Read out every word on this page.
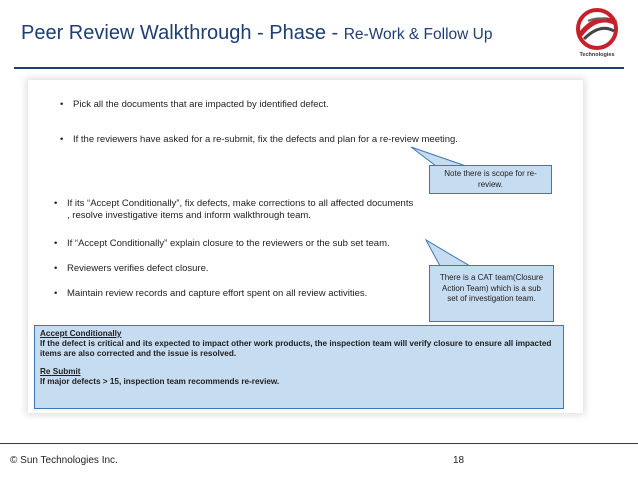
Peer Review Walkthrough - Phase - Re-Work & Follow Up
Technologies
•	Pick all the documents that are impacted by identified defect.
•	If the reviewers have asked for a re-submit, fix the defects and plan for a re-review meeting.
•	If its “Accept Conditionally”, fix defects, make corrections to all affected documents
, resolve investigative items and inform walkthrough team.
•	If “Accept Conditionally” explain closure to the reviewers or the sub set team.
•	Reviewers verifies defect closure.
•	Maintain review records and capture effort spent on all review activities.
Note there is scope for re-review.
There is a CAT team(Closure Action Team) which is a sub set of investigation team.
Accept Conditionally
If the defect is critical and its expected to impact other work products, the inspection team will verify closure to ensure all impacted items are also corrected and the issue is resolved.
Re Submit
If major defects > 15, inspection team recommends re-review.
© Sun Technologies Inc.	18
